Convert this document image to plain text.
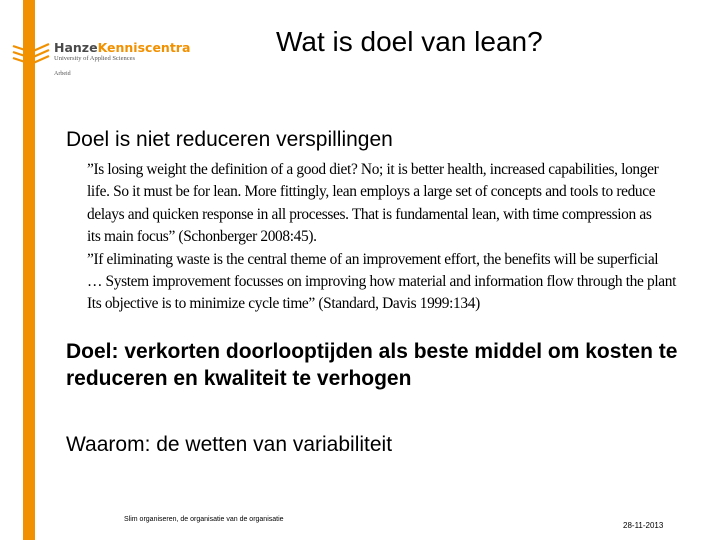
HanzeKenniscentra
University of Applied Sciences
Arbeid
Wat is doel van lean?
Doel is niet reduceren verspillingen
”Is losing weight the definition of a good diet? No; it is better health, increased capabilities, longer
life. So it must be for lean. More fittingly, lean employs a large set of concepts and tools to reduce
delays and quicken response in all processes. That is fundamental lean, with time compression as
its main focus” (Schonberger 2008:45).
”If eliminating waste is the central theme of an improvement effort, the benefits will be superficial
… System improvement focusses on improving how material and information flow through the plant
Its objective is to minimize cycle time” (Standard, Davis 1999:134)
Doel: verkorten doorlooptijden als beste middel om kosten te reduceren en kwaliteit te verhogen
Waarom: de wetten van variabiliteit
Slim organiseren, de organisatie van de organisatie
28-11-2013
